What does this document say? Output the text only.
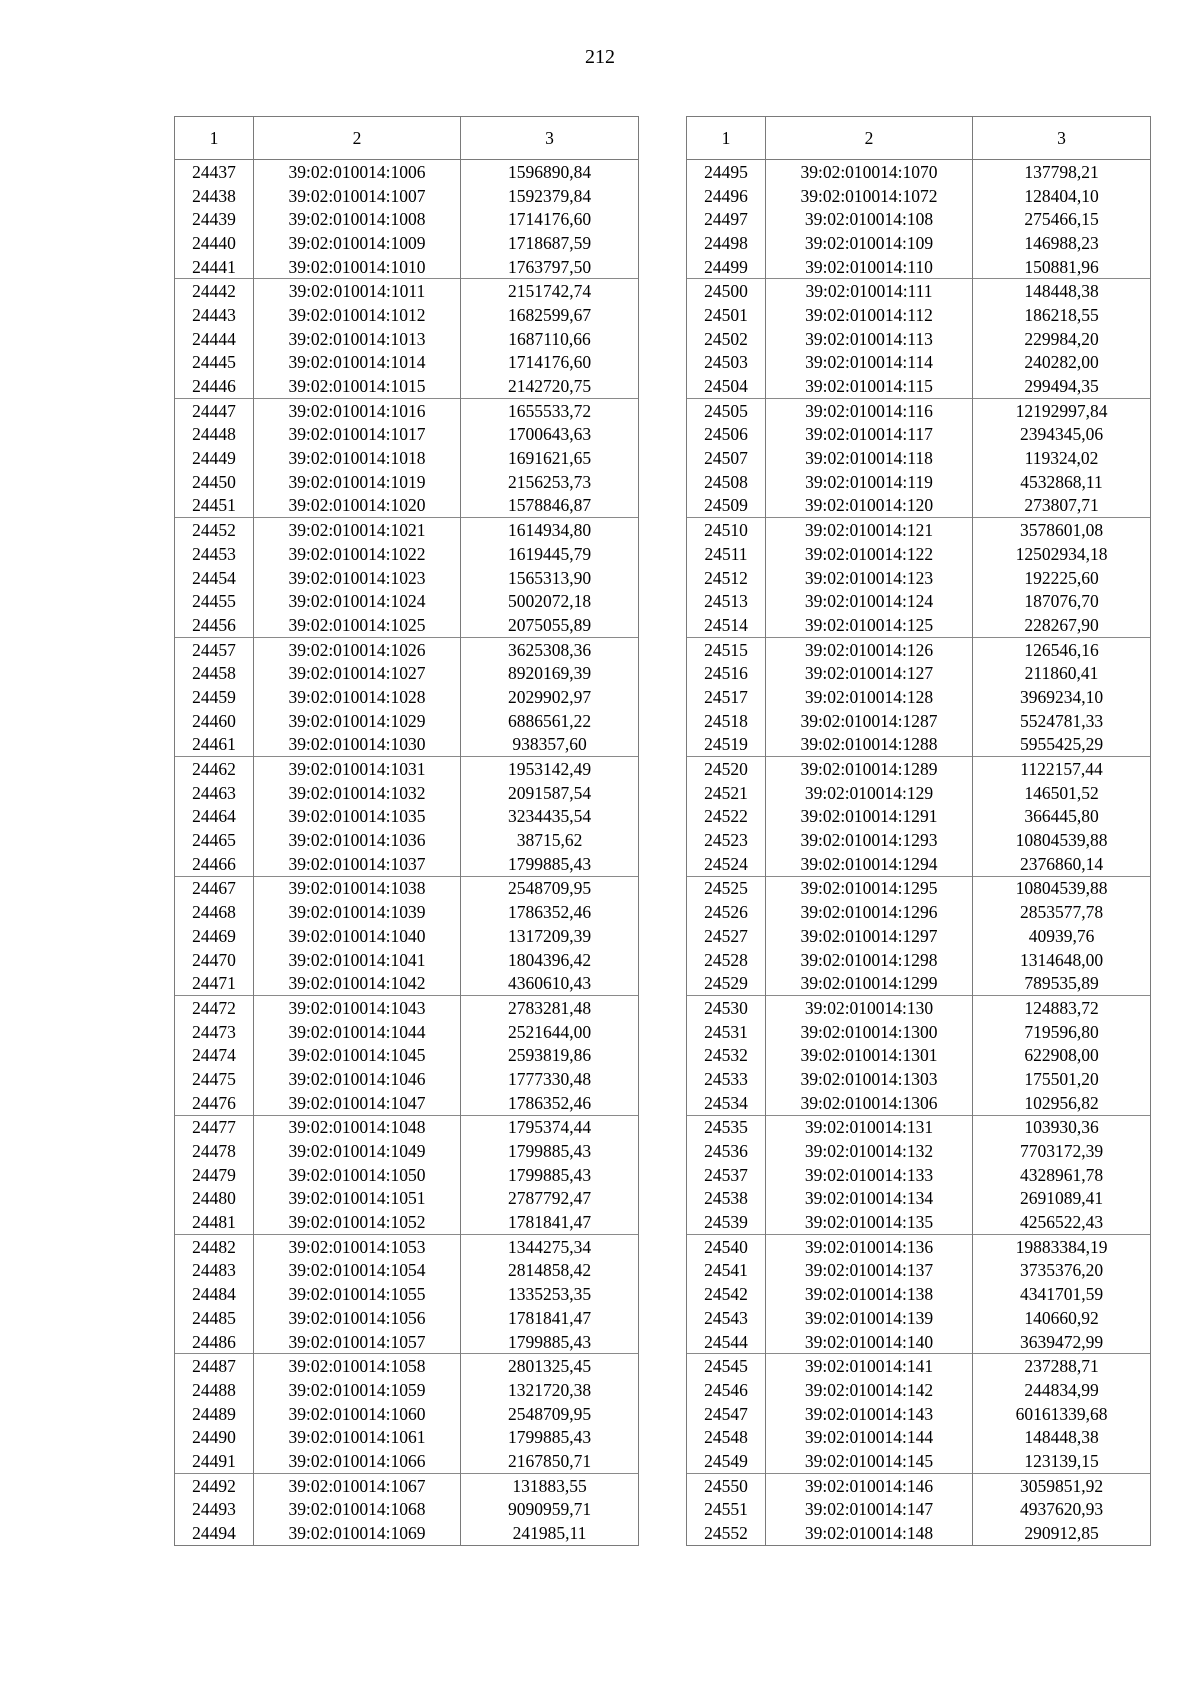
212
1	2	3
24437	39:02:010014:1006	1596890,84
24438	39:02:010014:1007	1592379,84
24439	39:02:010014:1008	1714176,60
24440	39:02:010014:1009	1718687,59
24441	39:02:010014:1010	1763797,50
24442	39:02:010014:1011	2151742,74
24443	39:02:010014:1012	1682599,67
24444	39:02:010014:1013	1687110,66
24445	39:02:010014:1014	1714176,60
24446	39:02:010014:1015	2142720,75
24447	39:02:010014:1016	1655533,72
24448	39:02:010014:1017	1700643,63
24449	39:02:010014:1018	1691621,65
24450	39:02:010014:1019	2156253,73
24451	39:02:010014:1020	1578846,87
24452	39:02:010014:1021	1614934,80
24453	39:02:010014:1022	1619445,79
24454	39:02:010014:1023	1565313,90
24455	39:02:010014:1024	5002072,18
24456	39:02:010014:1025	2075055,89
24457	39:02:010014:1026	3625308,36
24458	39:02:010014:1027	8920169,39
24459	39:02:010014:1028	2029902,97
24460	39:02:010014:1029	6886561,22
24461	39:02:010014:1030	938357,60
24462	39:02:010014:1031	1953142,49
24463	39:02:010014:1032	2091587,54
24464	39:02:010014:1035	3234435,54
24465	39:02:010014:1036	38715,62
24466	39:02:010014:1037	1799885,43
24467	39:02:010014:1038	2548709,95
24468	39:02:010014:1039	1786352,46
24469	39:02:010014:1040	1317209,39
24470	39:02:010014:1041	1804396,42
24471	39:02:010014:1042	4360610,43
24472	39:02:010014:1043	2783281,48
24473	39:02:010014:1044	2521644,00
24474	39:02:010014:1045	2593819,86
24475	39:02:010014:1046	1777330,48
24476	39:02:010014:1047	1786352,46
24477	39:02:010014:1048	1795374,44
24478	39:02:010014:1049	1799885,43
24479	39:02:010014:1050	1799885,43
24480	39:02:010014:1051	2787792,47
24481	39:02:010014:1052	1781841,47
24482	39:02:010014:1053	1344275,34
24483	39:02:010014:1054	2814858,42
24484	39:02:010014:1055	1335253,35
24485	39:02:010014:1056	1781841,47
24486	39:02:010014:1057	1799885,43
24487	39:02:010014:1058	2801325,45
24488	39:02:010014:1059	1321720,38
24489	39:02:010014:1060	2548709,95
24490	39:02:010014:1061	1799885,43
24491	39:02:010014:1066	2167850,71
24492	39:02:010014:1067	131883,55
24493	39:02:010014:1068	9090959,71
24494	39:02:010014:1069	241985,11
1	2	3
24495	39:02:010014:1070	137798,21
24496	39:02:010014:1072	128404,10
24497	39:02:010014:108	275466,15
24498	39:02:010014:109	146988,23
24499	39:02:010014:110	150881,96
24500	39:02:010014:111	148448,38
24501	39:02:010014:112	186218,55
24502	39:02:010014:113	229984,20
24503	39:02:010014:114	240282,00
24504	39:02:010014:115	299494,35
24505	39:02:010014:116	12192997,84
24506	39:02:010014:117	2394345,06
24507	39:02:010014:118	119324,02
24508	39:02:010014:119	4532868,11
24509	39:02:010014:120	273807,71
24510	39:02:010014:121	3578601,08
24511	39:02:010014:122	12502934,18
24512	39:02:010014:123	192225,60
24513	39:02:010014:124	187076,70
24514	39:02:010014:125	228267,90
24515	39:02:010014:126	126546,16
24516	39:02:010014:127	211860,41
24517	39:02:010014:128	3969234,10
24518	39:02:010014:1287	5524781,33
24519	39:02:010014:1288	5955425,29
24520	39:02:010014:1289	1122157,44
24521	39:02:010014:129	146501,52
24522	39:02:010014:1291	366445,80
24523	39:02:010014:1293	10804539,88
24524	39:02:010014:1294	2376860,14
24525	39:02:010014:1295	10804539,88
24526	39:02:010014:1296	2853577,78
24527	39:02:010014:1297	40939,76
24528	39:02:010014:1298	1314648,00
24529	39:02:010014:1299	789535,89
24530	39:02:010014:130	124883,72
24531	39:02:010014:1300	719596,80
24532	39:02:010014:1301	622908,00
24533	39:02:010014:1303	175501,20
24534	39:02:010014:1306	102956,82
24535	39:02:010014:131	103930,36
24536	39:02:010014:132	7703172,39
24537	39:02:010014:133	4328961,78
24538	39:02:010014:134	2691089,41
24539	39:02:010014:135	4256522,43
24540	39:02:010014:136	19883384,19
24541	39:02:010014:137	3735376,20
24542	39:02:010014:138	4341701,59
24543	39:02:010014:139	140660,92
24544	39:02:010014:140	3639472,99
24545	39:02:010014:141	237288,71
24546	39:02:010014:142	244834,99
24547	39:02:010014:143	60161339,68
24548	39:02:010014:144	148448,38
24549	39:02:010014:145	123139,15
24550	39:02:010014:146	3059851,92
24551	39:02:010014:147	4937620,93
24552	39:02:010014:148	290912,85
